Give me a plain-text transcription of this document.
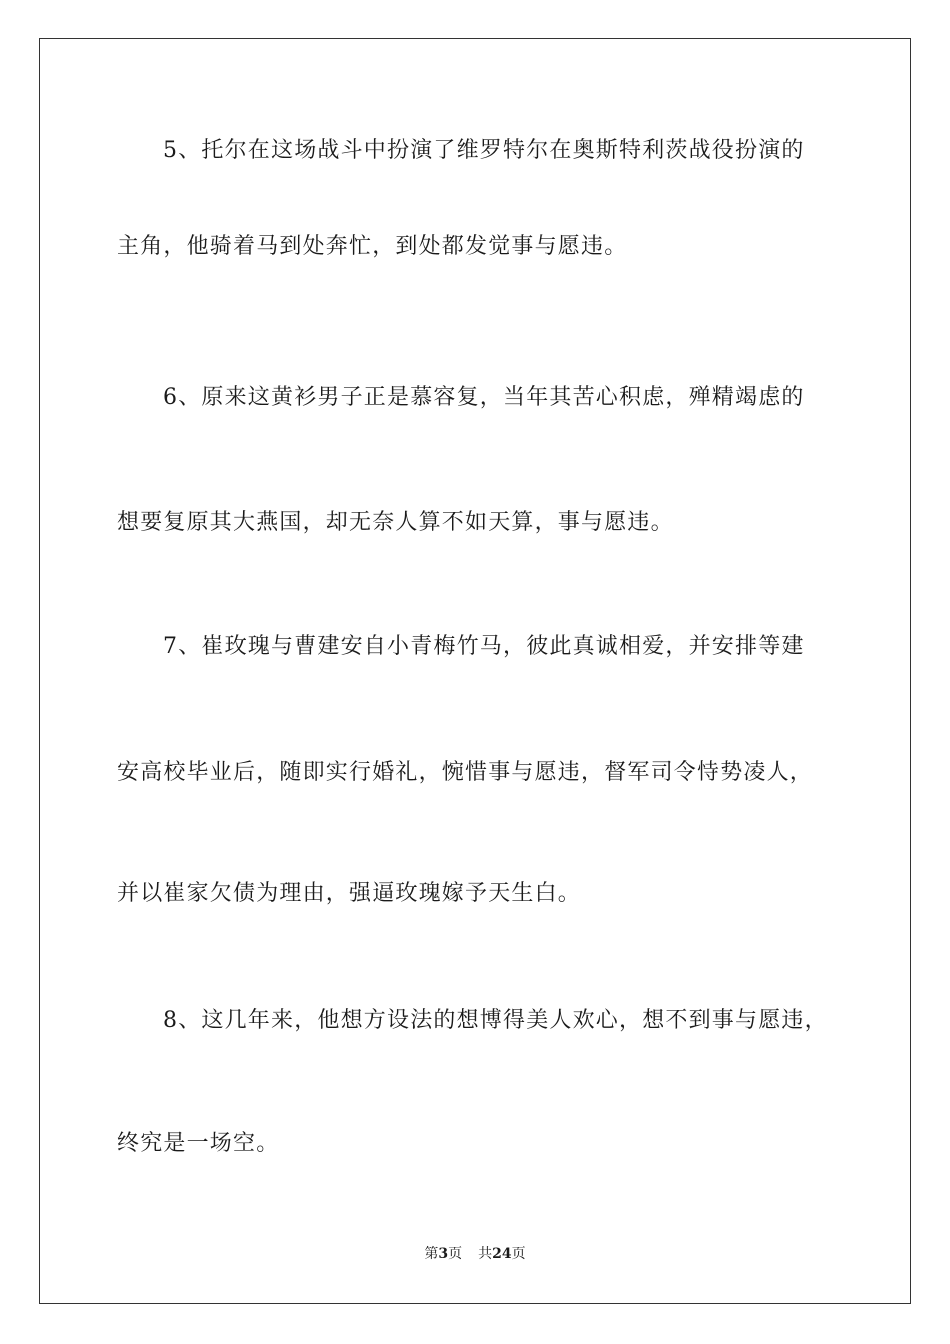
5、托尔在这场战斗中扮演了维罗特尔在奥斯特利茨战役扮演的
主角，他骑着马到处奔忙，到处都发觉事与愿违。
6、原来这黄衫男子正是慕容复，当年其苦心积虑，殚精竭虑的
想要复原其大燕国，却无奈人算不如天算，事与愿违。
7、崔玫瑰与曹建安自小青梅竹马，彼此真诚相爱，并安排等建
安高校毕业后，随即实行婚礼，惋惜事与愿违，督军司令恃势凌人，
并以崔家欠债为理由，强逼玫瑰嫁予天生白。
8、这几年来，他想方设法的想博得美人欢心，想不到事与愿违，
终究是一场空。
第3页 共24页
